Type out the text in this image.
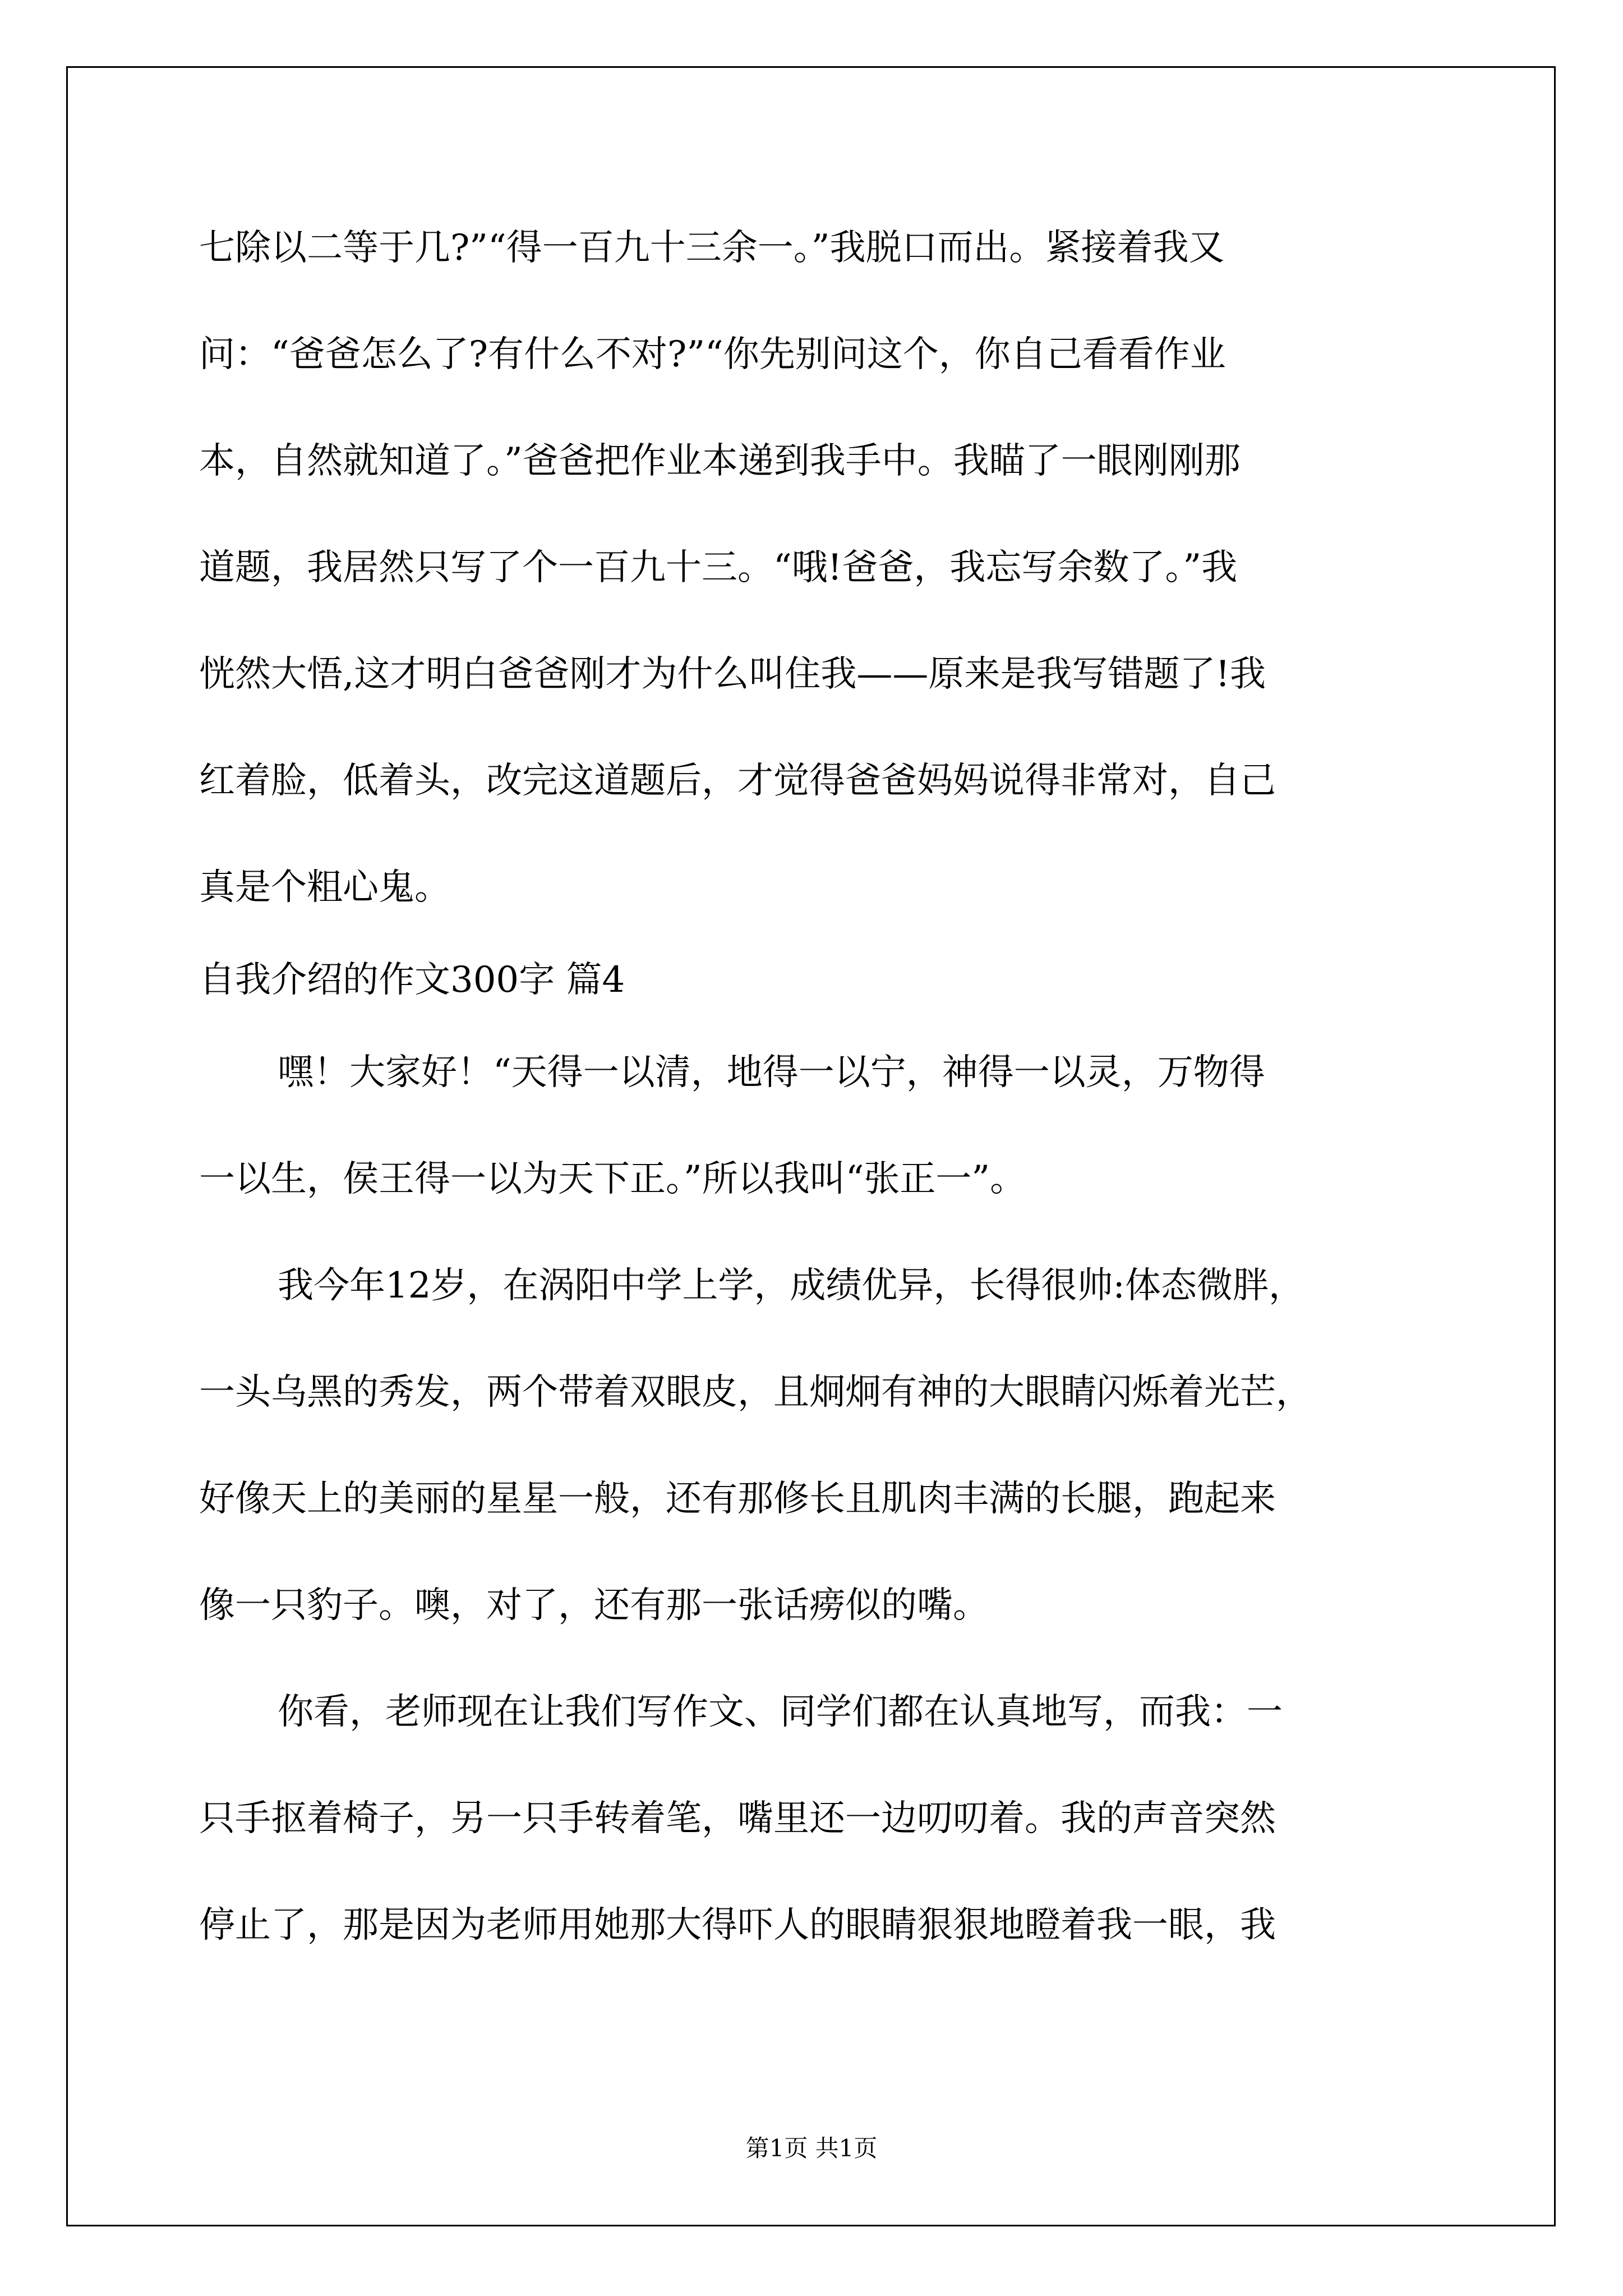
七除以二等于几?”“得一百九十三余一。”我脱口而出。紧接着我又
问：“爸爸怎么了?有什么不对?”“你先别问这个，你自己看看作业
本，自然就知道了。”爸爸把作业本递到我手中。我瞄了一眼刚刚那
道题，我居然只写了个一百九十三。“哦!爸爸，我忘写余数了。”我
恍然大悟,这才明白爸爸刚才为什么叫住我——原来是我写错题了!我
红着脸，低着头，改完这道题后，才觉得爸爸妈妈说得非常对，自己
真是个粗心鬼。
自我介绍的作文300字 篇4
嘿！大家好！“天得一以清，地得一以宁，神得一以灵，万物得
一以生，侯王得一以为天下正。”所以我叫“张正一”。
我今年12岁，在涡阳中学上学，成绩优异，长得很帅:体态微胖，
一头乌黑的秀发，两个带着双眼皮，且炯炯有神的大眼睛闪烁着光芒，
好像天上的美丽的星星一般，还有那修长且肌肉丰满的长腿，跑起来
像一只豹子。噢，对了，还有那一张话痨似的嘴。
你看，老师现在让我们写作文、同学们都在认真地写，而我：一
只手抠着椅子，另一只手转着笔，嘴里还一边叨叨着。我的声音突然
停止了，那是因为老师用她那大得吓人的眼睛狠狠地瞪着我一眼，我
第1页 共1页
